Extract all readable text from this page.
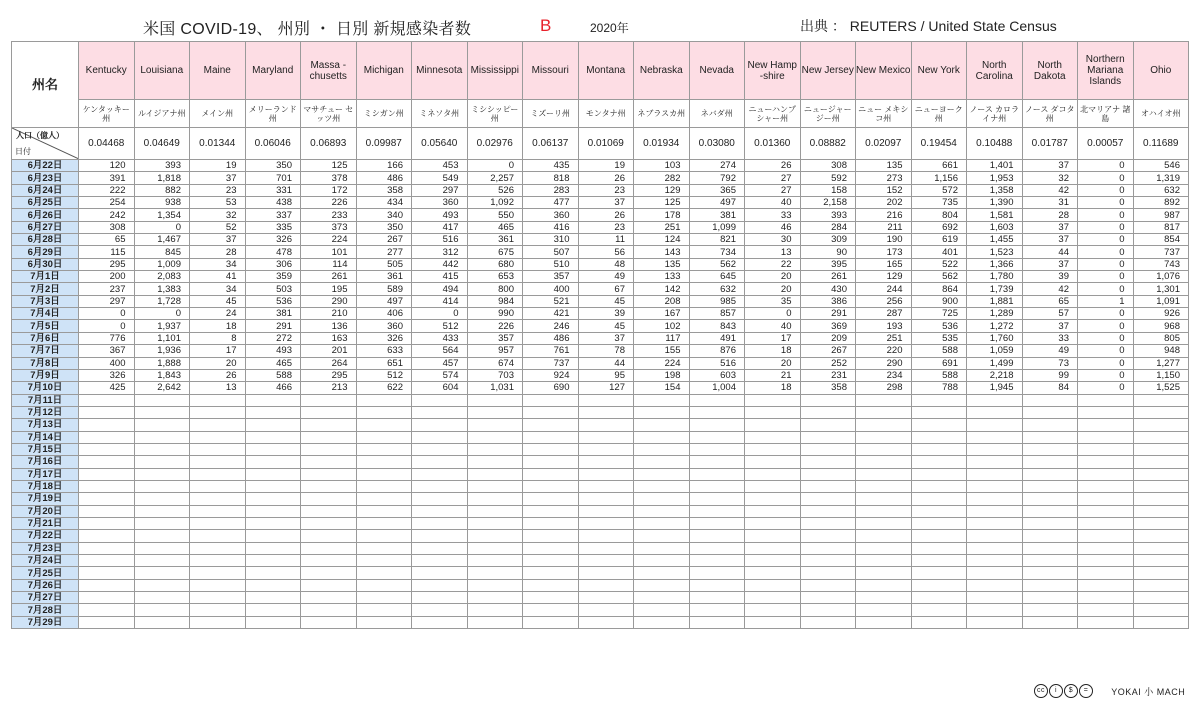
米国 COVID-19、 州別 ・ 日別 新規感染者数	B	2020年	出典 ： REUTERS / United State Census
州名	Kentucky	Louisiana	Maine	Maryland	Massa -chusetts	Michigan	Minnesota	Mississippi	Missouri	Montana	Nebraska	Nevada	New Hamp -shire	New Jersey	New Mexico	New York	North Carolina	North Dakota	Northern Mariana Islands	Ohio
	ケンタッキー州	ルイジアナ州	メイン州	メリーランド州	マサチュー セッツ州	ミシガン州	ミネソタ州	ミシシッピー州	ミズーリ州	モンタナ州	ネブラスカ州	ネバダ州	ニューハンプ シャー州	ニュージャー ジー州	ニュー メキシコ州	ニューヨーク州	ノース カロライナ州	ノース ダコタ州	北マリアナ 諸島	オハイオ州

人口（億人）
日付	0.04468	0.04649	0.01344	0.06046	0.06893	0.09987	0.05640	0.02976	0.06137	0.01069	0.01934	0.03080	0.01360	0.08882	0.02097	0.19454	0.10488	0.01787	0.00057	0.11689
6月22日	120	393	19	350	125	166	453	0	435	19	103	274	26	308	135	661	1,401	37	0	546
6月23日	391	1,818	37	701	378	486	549	2,257	818	26	282	792	27	592	273	1,156	1,953	32	0	1,319
6月24日	222	882	23	331	172	358	297	526	283	23	129	365	27	158	152	572	1,358	42	0	632
6月25日	254	938	53	438	226	434	360	1,092	477	37	125	497	40	2,158	202	735	1,390	31	0	892
6月26日	242	1,354	32	337	233	340	493	550	360	26	178	381	33	393	216	804	1,581	28	0	987
6月27日	308	0	52	335	373	350	417	465	416	23	251	1,099	46	284	211	692	1,603	37	0	817
6月28日	65	1,467	37	326	224	267	516	361	310	11	124	821	30	309	190	619	1,455	37	0	854
6月29日	115	845	28	478	101	277	312	675	507	56	143	734	13	90	173	401	1,523	44	0	737
6月30日	295	1,009	34	306	114	505	442	680	510	48	135	562	22	395	165	522	1,366	37	0	743
7月1日	200	2,083	41	359	261	361	415	653	357	49	133	645	20	261	129	562	1,780	39	0	1,076
7月2日	237	1,383	34	503	195	589	494	800	400	67	142	632	20	430	244	864	1,739	42	0	1,301
7月3日	297	1,728	45	536	290	497	414	984	521	45	208	985	35	386	256	900	1,881	65	1	1,091
7月4日	0	0	24	381	210	406	0	990	421	39	167	857	0	291	287	725	1,289	57	0	926
7月5日	0	1,937	18	291	136	360	512	226	246	45	102	843	40	369	193	536	1,272	37	0	968
7月6日	776	1,101	8	272	163	326	433	357	486	37	117	491	17	209	251	535	1,760	33	0	805
7月7日	367	1,936	17	493	201	633	564	957	761	78	155	876	18	267	220	588	1,059	49	0	948
7月8日	400	1,888	20	465	264	651	457	674	737	44	224	516	20	252	290	691	1,499	73	0	1,277
7月9日	326	1,843	26	588	295	512	574	703	924	95	198	603	21	231	234	588	2,218	99	0	1,150
7月10日	425	2,642	13	466	213	622	604	1,031	690	127	154	1,004	18	358	298	788	1,945	84	0	1,525
7月11日																				
7月12日																				
7月13日																				
7月14日																				
7月15日																				
7月16日																				
7月17日																				
7月18日																				
7月19日																				
7月20日																				
7月21日																				
7月22日																				
7月23日																				
7月24日																				
7月25日																				
7月26日																				
7月27日																				
7月28日																				
7月29日																				
cc i $ =	YOKAI 小 MACH
